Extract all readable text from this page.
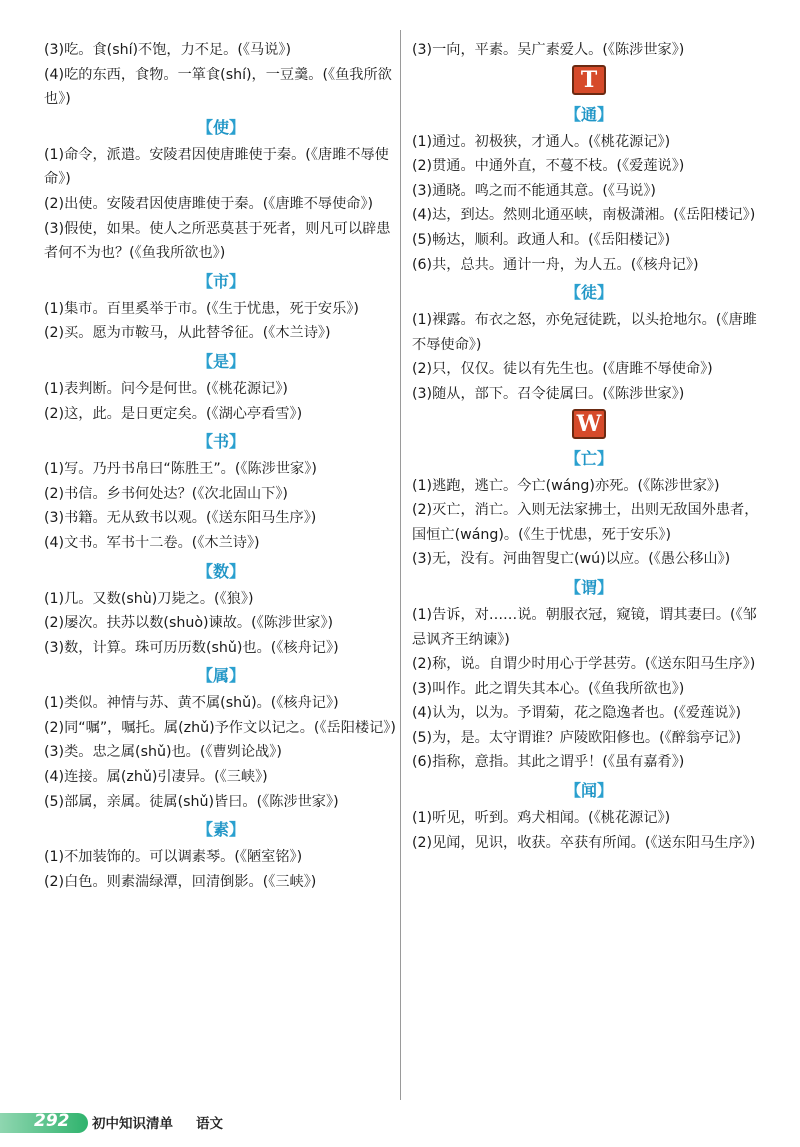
(3)吃。食(shí)不饱，力不足。(《马说》)

(4)吃的东西，食物。一箪食(shí)，一豆羹。(《鱼我所欲也》)

【使】

(1)命令，派遣。安陵君因使唐雎使于秦。(《唐雎不辱使命》)

(2)出使。安陵君因使唐雎使于秦。(《唐雎不辱使命》)

(3)假使，如果。使人之所恶莫甚于死者，则凡可以辟患者何不为也？(《鱼我所欲也》)

【市】

(1)集市。百里奚举于市。(《生于忧患，死于安乐》)

(2)买。愿为市鞍马，从此替爷征。(《木兰诗》)

【是】

(1)表判断。问今是何世。(《桃花源记》)

(2)这，此。是日更定矣。(《湖心亭看雪》)

【书】

(1)写。乃丹书帛曰“陈胜王”。(《陈涉世家》)

(2)书信。乡书何处达？(《次北固山下》)

(3)书籍。无从致书以观。(《送东阳马生序》)

(4)文书。军书十二卷。(《木兰诗》)

【数】

(1)几。又数(shù)刀毙之。(《狼》)

(2)屡次。扶苏以数(shuò)谏故。(《陈涉世家》)

(3)数，计算。珠可历历数(shǔ)也。(《核舟记》)

【属】

(1)类似。神情与苏、黄不属(shǔ)。(《核舟记》)

(2)同“嘱”，嘱托。属(zhǔ)予作文以记之。(《岳阳楼记》)

(3)类。忠之属(shǔ)也。(《曹刿论战》)

(4)连接。属(zhǔ)引凄异。(《三峡》)

(5)部属，亲属。徒属(shǔ)皆曰。(《陈涉世家》)

【素】

(1)不加装饰的。可以调素琴。(《陋室铭》)

(2)白色。则素湍绿潭，回清倒影。(《三峡》)

(3)一向，平素。吴广素爱人。(《陈涉世家》)

T
【通】

(1)通过。初极狭，才通人。(《桃花源记》)

(2)贯通。中通外直，不蔓不枝。(《爱莲说》)

(3)通晓。鸣之而不能通其意。(《马说》)

(4)达，到达。然则北通巫峡，南极潇湘。(《岳阳楼记》)

(5)畅达，顺利。政通人和。(《岳阳楼记》)

(6)共，总共。通计一舟，为人五。(《核舟记》)

【徒】

(1)裸露。布衣之怒，亦免冠徒跣，以头抢地尔。(《唐雎不辱使命》)

(2)只，仅仅。徒以有先生也。(《唐雎不辱使命》)

(3)随从，部下。召令徒属曰。(《陈涉世家》)

W
【亡】

(1)逃跑，逃亡。今亡(wáng)亦死。(《陈涉世家》)

(2)灭亡，消亡。入则无法家拂士，出则无敌国外患者，国恒亡(wáng)。(《生于忧患，死于安乐》)

(3)无，没有。河曲智叟亡(wú)以应。(《愚公移山》)

【谓】

(1)告诉，对……说。朝服衣冠，窥镜，谓其妻曰。(《邹忌讽齐王纳谏》)

(2)称，说。自谓少时用心于学甚劳。(《送东阳马生序》)

(3)叫作。此之谓失其本心。(《鱼我所欲也》)

(4)认为，以为。予谓菊，花之隐逸者也。(《爱莲说》)

(5)为，是。太守谓谁？庐陵欧阳修也。(《醉翁亭记》)

(6)指称，意指。其此之谓乎！(《虽有嘉肴》)

【闻】

(1)听见，听到。鸡犬相闻。(《桃花源记》)

(2)见闻，见识，收获。卒获有所闻。(《送东阳马生序》)

292 初中知识清单 语文
